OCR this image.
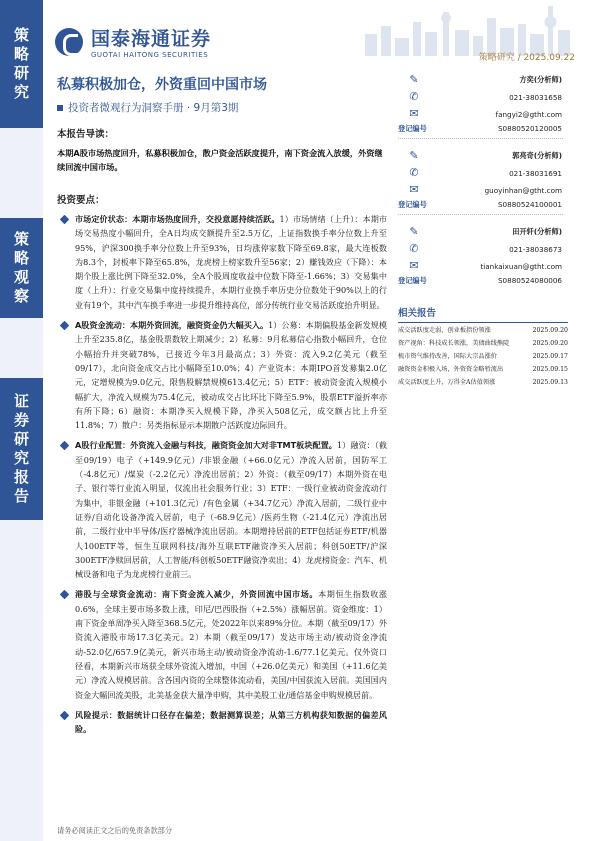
策
略
研
究
策
略
观
察
证
券
研
究
报
告
国泰海通证券
GUOTAI HAITONG SECURITIES	策略研究 / 2025.09.22
私募积极加仓，外资重回中国市场
投资者微观行为洞察手册 · 9月第3期
本报告导读：
本期A股市场热度回升，私募积极加仓，散户资金活跃度提升，南下资金流入放缓，外资继续回流中国市场。
投资要点：
市场定价状态：本期市场热度回升，交投意愿持续活跃。1）市场情绪（上升）：本期市场交易热度小幅回升，全A日均成交额提升至2.5万亿，上证指数换手率分位数上升至95%，沪深300换手率分位数上升至93%，日均涨停家数下降至69.8家，最大连板数为8.3个，封板率下降至65.8%，龙虎榜上榜家数升至56家；2）赚钱效应（下降）：本期个股上涨比例下降至32.0%，全A个股周度收益中位数下降至-1.66%；3）交易集中度（上升）：行业交易集中度持续提升，本期行业换手率历史分位数处于90%以上的行业有19个，其中汽车换手率进一步提升维持高位，部分传统行业交易活跃度抬升明显。
A股资金流动：本期外资回流，融资资金仍大幅买入。1）公募：本期偏股基金新发规模上升至235.8亿，基金股票数较上期减少；2）私募：9月私募信心指数小幅回升，仓位小幅抬升并突破78%，已接近今年3月最高点；3）外资：流入9.2亿美元（截至09/17），北向资金成交占比小幅降至10.0%；4）产业资本：本期IPO首发募集2.0亿元，定增规模为9.0亿元，限售股解禁规模613.4亿元；5）ETF：被动资金流入规模小幅扩大，净流入规模为75.4亿元，被动成交占比环比下降至5.9%，股票ETF溢折率亦有所下降；6）融资：本期净买入规模下降，净买入508亿元，成交额占比上升至11.8%；7）散户：另类指标显示本期散户活跃度边际回升。
A股行业配置：外资流入金融与科技，融资资金加大对非TMT板块配置。1）融资：（截至09/19）电子（+149.9亿元）/非银金融（+66.0亿元）净流入居前，国防军工（-4.8亿元）/煤炭（-2.2亿元）净流出居前；2）外资：（截至09/17）本期外资在电子、银行等行业流入明显，仅流出社会服务行业；3）ETF：一级行业被动资金流动行为集中，非银金融（+101.3亿元）/有色金属（+34.7亿元）净流入居前，二级行业中证券/自动化设备净流入居前，电子（-68.9亿元）/医药生物（-21.4亿元）净流出居前，二级行业中半导体/医疗器械净流出居前。本期增持居前的ETF包括证券ETF/机器人100ETF等，恒生互联网科技/海外互联ETF融资净买入居前；科创50ETF/沪深300ETF净赎回居前，人工智能/科创板50ETF融资净卖出；4）龙虎榜资金：汽车、机械设备和电子为龙虎榜行业前三。
港股与全球资金流动：南下资金流入减少，外资回流中国市场。本期恒生指数收涨0.6%，全球主要市场多数上涨，印尼/巴西股指（+2.5%）涨幅居前。资金维度：1）南下资金单周净买入降至368.5亿元，处2022年以来89%分位。本期（截至09/17）外资流入港股市场17.3亿美元。2）本期（截至09/17）发达市场主动/被动资金净流动-52.0亿/657.9亿美元，新兴市场主动/被动资金净流动-1.6/77.1亿美元。仅外资口径看，本期新兴市场获全球外资流入增加，中国（+26.0亿美元）和美国（+11.6亿美元）净流入规模居前。含各国内资的全球整体流动看，美国/中国获流入居前。美国国内资金大幅回流美股，北美基金获大量净申购，其中美股工业/通信基金申购规模居前。
风险提示：数据统计口径存在偏差；数据测算误差；从第三方机构获知数据的偏差风险。
✎	方奕(分析师)
✆	021-38031658
✉	fangyi2@gtht.com
登记编号	S0880520120005
✎	郭亮奇(分析师)
✆	021-38031691
✉	guoyinhan@gtht.com
登记编号	S0880524100001
✎	田开轩(分析师)
✆	021-38038673
✉	tiankaixuan@gtht.com
登记编号	S0880524080006
相关报告
成交活跃度走弱，创业板指份领涨	2025.09.20
资产视角：科技成长领涨，美债曲线熊陡	2025.09.20
梳市资气维持改善，国际大宗品涨价	2025.09.17
融资资金积极入场，外资资金略暂流出	2025.09.15
成交活跃度上升，万得全A估值领涨	2025.09.13
请务必阅读正文之后的免责条款部分
